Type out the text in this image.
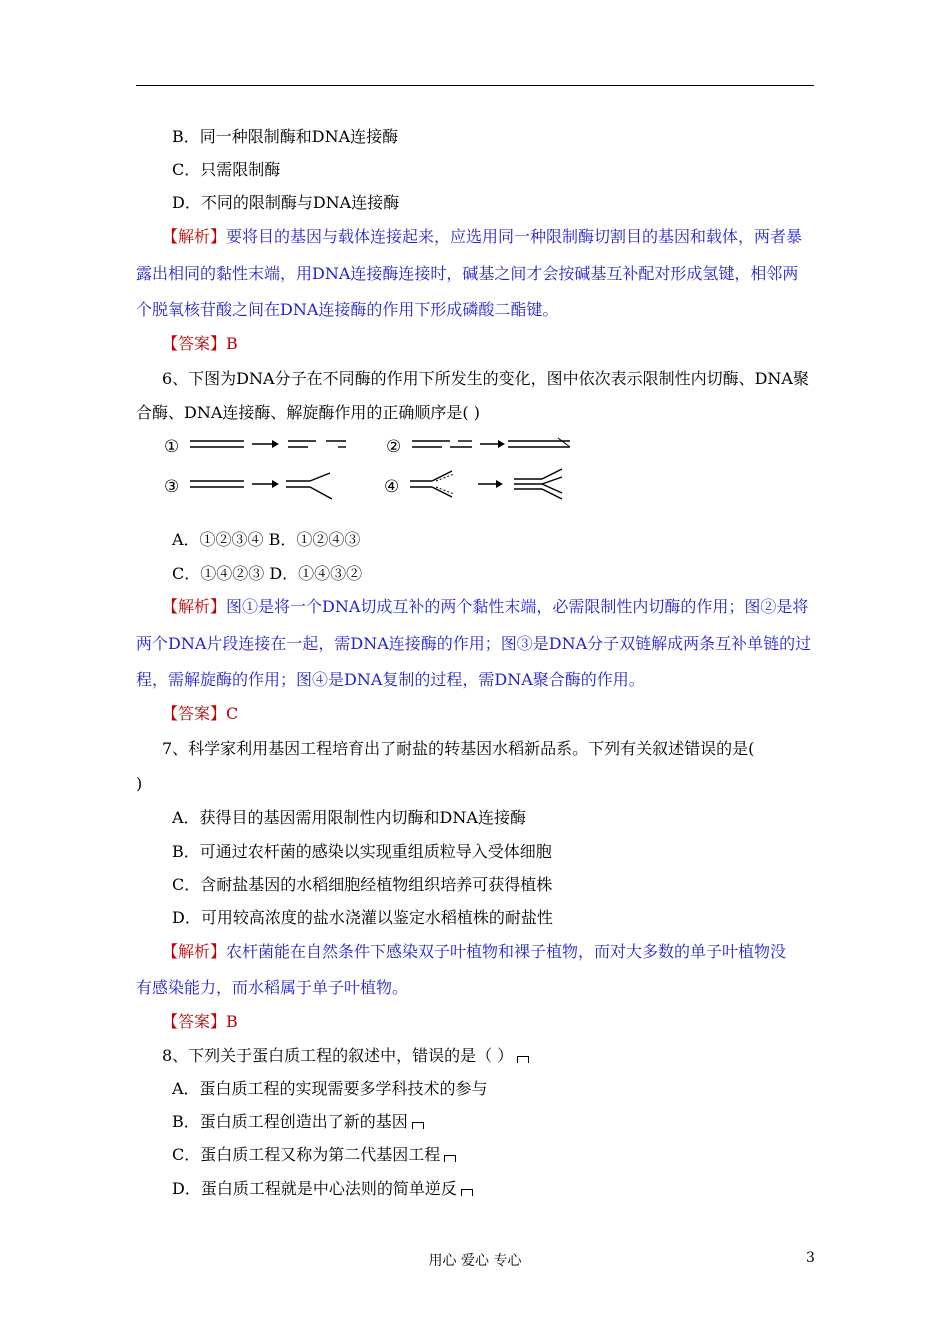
B．同一种限制酶和DNA连接酶
C．只需限制酶
D．不同的限制酶与DNA连接酶
【解析】要将目的基因与载体连接起来，应选用同一种限制酶切割目的基因和载体，两者暴
露出相同的黏性末端，用DNA连接酶连接时，碱基之间才会按碱基互补配对形成氢键，相邻两
个脱氧核苷酸之间在DNA连接酶的作用下形成磷酸二酯键。
【答案】B
6、下图为DNA分子在不同酶的作用下所发生的变化，图中依次表示限制性内切酶、DNA聚
合酶、DNA连接酶、解旋酶作用的正确顺序是( )
①	②
③	④
A．①②③④ B．①②④③
C．①④②③ D．①④③②
【解析】图①是将一个DNA切成互补的两个黏性末端，必需限制性内切酶的作用；图②是将
两个DNA片段连接在一起，需DNA连接酶的作用；图③是DNA分子双链解成两条互补单链的过
程，需解旋酶的作用；图④是DNA复制的过程，需DNA聚合酶的作用。
【答案】C
7、科学家利用基因工程培育出了耐盐的转基因水稻新品系。下列有关叙述错误的是(
)
A．获得目的基因需用限制性内切酶和DNA连接酶
B．可通过农杆菌的感染以实现重组质粒导入受体细胞
C．含耐盐基因的水稻细胞经植物组织培养可获得植株
D．可用较高浓度的盐水浇灌以鉴定水稻植株的耐盐性
【解析】农杆菌能在自然条件下感染双子叶植物和裸子植物，而对大多数的单子叶植物没
有感染能力，而水稻属于单子叶植物。
【答案】B
8、下列关于蛋白质工程的叙述中，错误的是（ ）
A．蛋白质工程的实现需要多学科技术的参与
B．蛋白质工程创造出了新的基因
C．蛋白质工程又称为第二代基因工程
D．蛋白质工程就是中心法则的简单逆反
用心 爱心 专心	3
